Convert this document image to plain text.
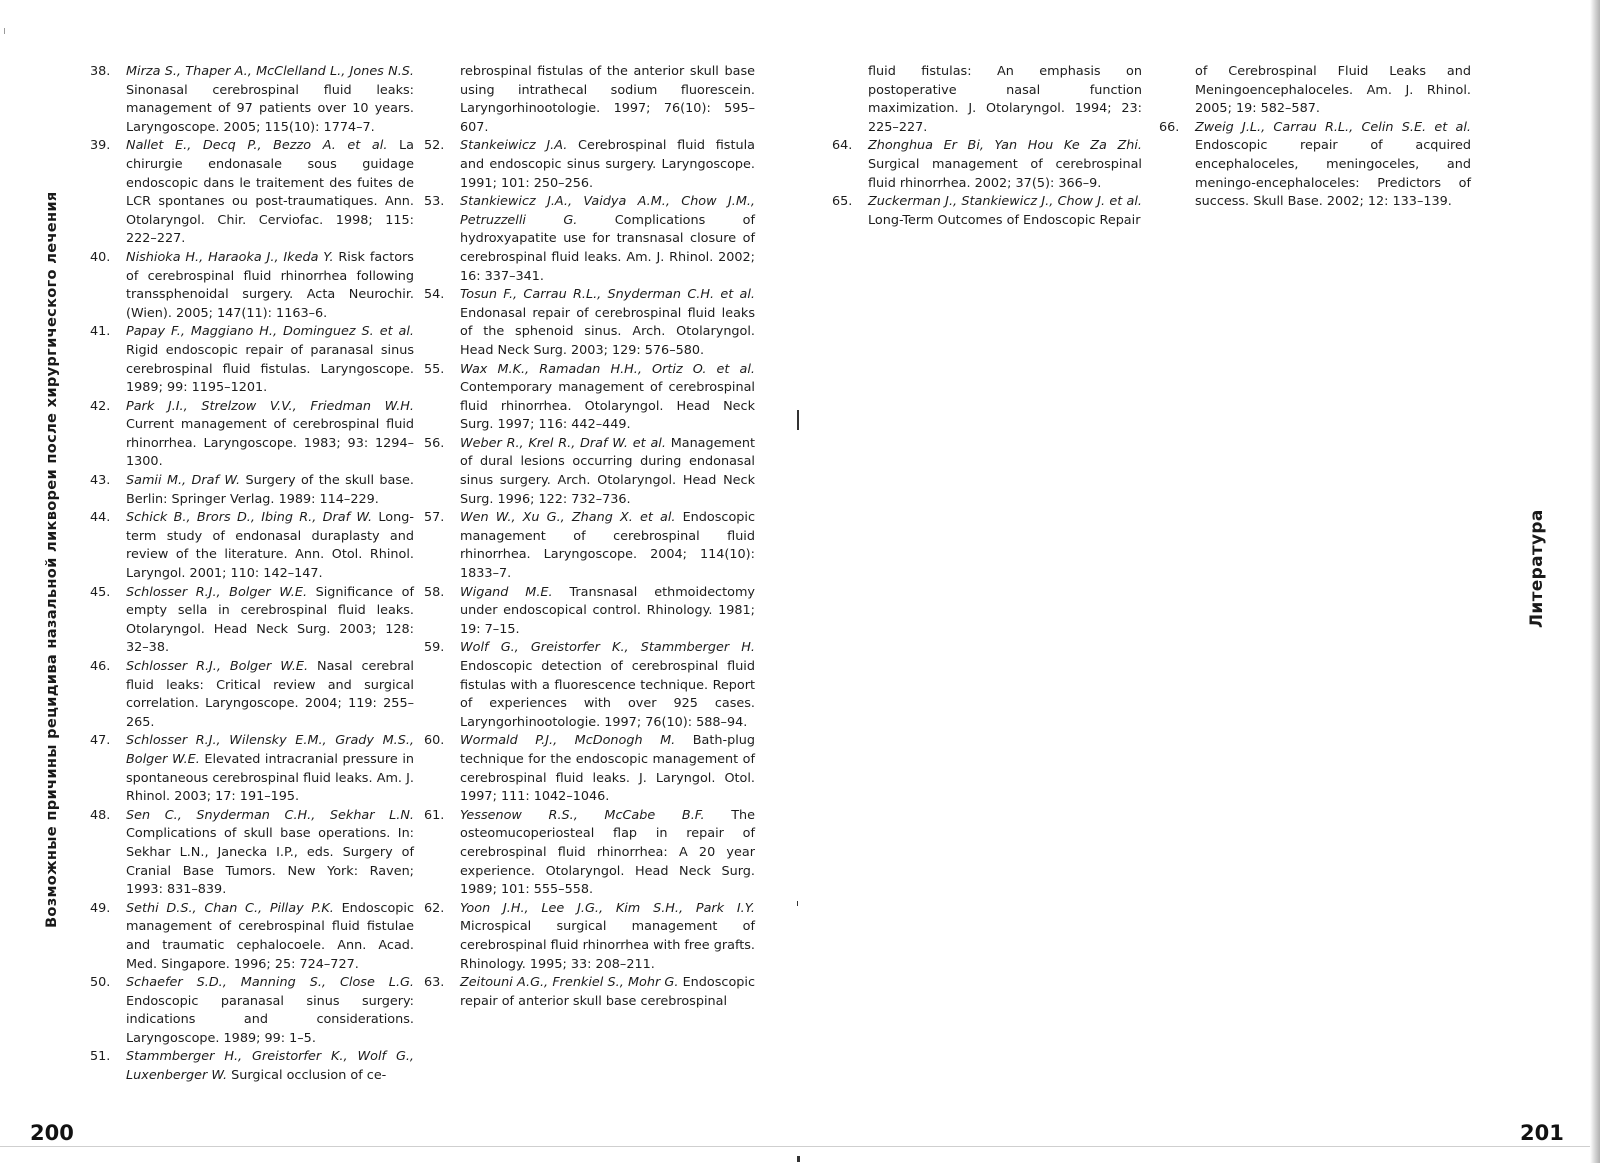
Возможные причины рецидива назальной ликвореи после хирургического лечения	Литература
200	201
38. Mirza S., Thaper A., McClelland L., Jones N.S. Sinonasal cerebrospinal fluid leaks: management of 97 patients over 10 years. Laryngoscope. 2005; 115(10): 1774–7.
39. Nallet E., Decq P., Bezzo A. et al. La chirurgie endonasale sous guidage endoscopic dans le traitement des fuites de LCR spontanes ou post-traumatiques. Ann. Otolaryngol. Chir. Cerviofac. 1998; 115: 222–227.
40. Nishioka H., Haraoka J., Ikeda Y. Risk factors of cerebrospinal fluid rhinorrhea following transsphenoidal surgery. Acta Neurochir. (Wien). 2005; 147(11): 1163–6.
41. Papay F., Maggiano H., Dominguez S. et al. Rigid endoscopic repair of paranasal sinus cerebrospinal fluid fistulas. Laryngoscope. 1989; 99: 1195–1201.
42. Park J.I., Strelzow V.V., Friedman W.H. Current management of cerebrospinal fluid rhinorrhea. Laryngoscope. 1983; 93: 1294–1300.
43. Samii M., Draf W. Surgery of the skull base. Berlin: Springer Verlag. 1989: 114–229.
44. Schick B., Brors D., Ibing R., Draf W. Long-term study of endonasal duraplasty and review of the literature. Ann. Otol. Rhinol. Laryngol. 2001; 110: 142–147.
45. Schlosser R.J., Bolger W.E. Significance of empty sella in cerebrospinal fluid leaks. Otolaryngol. Head Neck Surg. 2003; 128: 32–38.
46. Schlosser R.J., Bolger W.E. Nasal cerebral fluid leaks: Critical review and surgical correlation. Laryngoscope. 2004; 119: 255–265.
47. Schlosser R.J., Wilensky E.M., Grady M.S., Bolger W.E. Elevated intracranial pressure in spontaneous cerebrospinal fluid leaks. Am. J. Rhinol. 2003; 17: 191–195.
48. Sen C., Snyderman C.H., Sekhar L.N. Complications of skull base operations. In: Sekhar L.N., Janecka I.P., eds. Surgery of Cranial Base Tumors. New York: Raven; 1993: 831–839.
49. Sethi D.S., Chan C., Pillay P.K. Endoscopic management of cerebrospinal fluid fistulae and traumatic cephalocoele. Ann. Acad. Med. Singapore. 1996; 25: 724–727.
50. Schaefer S.D., Manning S., Close L.G. Endoscopic paranasal sinus surgery: indications and considerations. Laryngoscope. 1989; 99: 1–5.
51. Stammberger H., Greistorfer K., Wolf G., Luxenberger W. Surgical occlusion of ce-
rebrospinal fistulas of the anterior skull base using intrathecal sodium fluorescein. Laryngorhinootologie. 1997; 76(10): 595–607.
52. Stankeiwicz J.A. Cerebrospinal fluid fistula and endoscopic sinus surgery. Laryngoscope. 1991; 101: 250–256.
53. Stankiewicz J.A., Vaidya A.M., Chow J.M., Petruzzelli G. Complications of hydroxyapatite use for transnasal closure of cerebrospinal fluid leaks. Am. J. Rhinol. 2002; 16: 337–341.
54. Tosun F., Carrau R.L., Snyderman C.H. et al. Endonasal repair of cerebrospinal fluid leaks of the sphenoid sinus. Arch. Otolaryngol. Head Neck Surg. 2003; 129: 576–580.
55. Wax M.K., Ramadan H.H., Ortiz O. et al. Contemporary management of cerebrospinal fluid rhinorrhea. Otolaryngol. Head Neck Surg. 1997; 116: 442–449.
56. Weber R., Krel R., Draf W. et al. Management of dural lesions occurring during endonasal sinus surgery. Arch. Otolaryngol. Head Neck Surg. 1996; 122: 732–736.
57. Wen W., Xu G., Zhang X. et al. Endoscopic management of cerebrospinal fluid rhinorrhea. Laryngoscope. 2004; 114(10): 1833–7.
58. Wigand M.E. Transnasal ethmoidectomy under endoscopical control. Rhinology. 1981; 19: 7–15.
59. Wolf G., Greistorfer K., Stammberger H. Endoscopic detection of cerebrospinal fluid fistulas with a fluorescence technique. Report of experiences with over 925 cases. Laryngorhinootologie. 1997; 76(10): 588–94.
60. Wormald P.J., McDonogh M. Bath-plug technique for the endoscopic management of cerebrospinal fluid leaks. J. Laryngol. Otol. 1997; 111: 1042–1046.
61. Yessenow R.S., McCabe B.F. The osteomucoperiosteal flap in repair of cerebrospinal fluid rhinorrhea: A 20 year experience. Otolaryngol. Head Neck Surg. 1989; 101: 555–558.
62. Yoon J.H., Lee J.G., Kim S.H., Park I.Y. Microspical surgical management of cerebrospinal fluid rhinorrhea with free grafts. Rhinology. 1995; 33: 208–211.
63. Zeitouni A.G., Frenkiel S., Mohr G. Endoscopic repair of anterior skull base cerebrospinal
fluid fistulas: An emphasis on postoperative nasal function maximization. J. Otolaryngol. 1994; 23: 225–227.
64. Zhonghua Er Bi, Yan Hou Ke Za Zhi. Surgical management of cerebrospinal fluid rhinorrhea. 2002; 37(5): 366–9.
65. Zuckerman J., Stankiewicz J., Chow J. et al. Long-Term Outcomes of Endoscopic Repair
of Cerebrospinal Fluid Leaks and Meningoencephaloceles. Am. J. Rhinol. 2005; 19: 582–587.
66. Zweig J.L., Carrau R.L., Celin S.E. et al. Endoscopic repair of acquired encephaloceles, meningoceles, and meningo-encephaloceles: Predictors of success. Skull Base. 2002; 12: 133–139.
